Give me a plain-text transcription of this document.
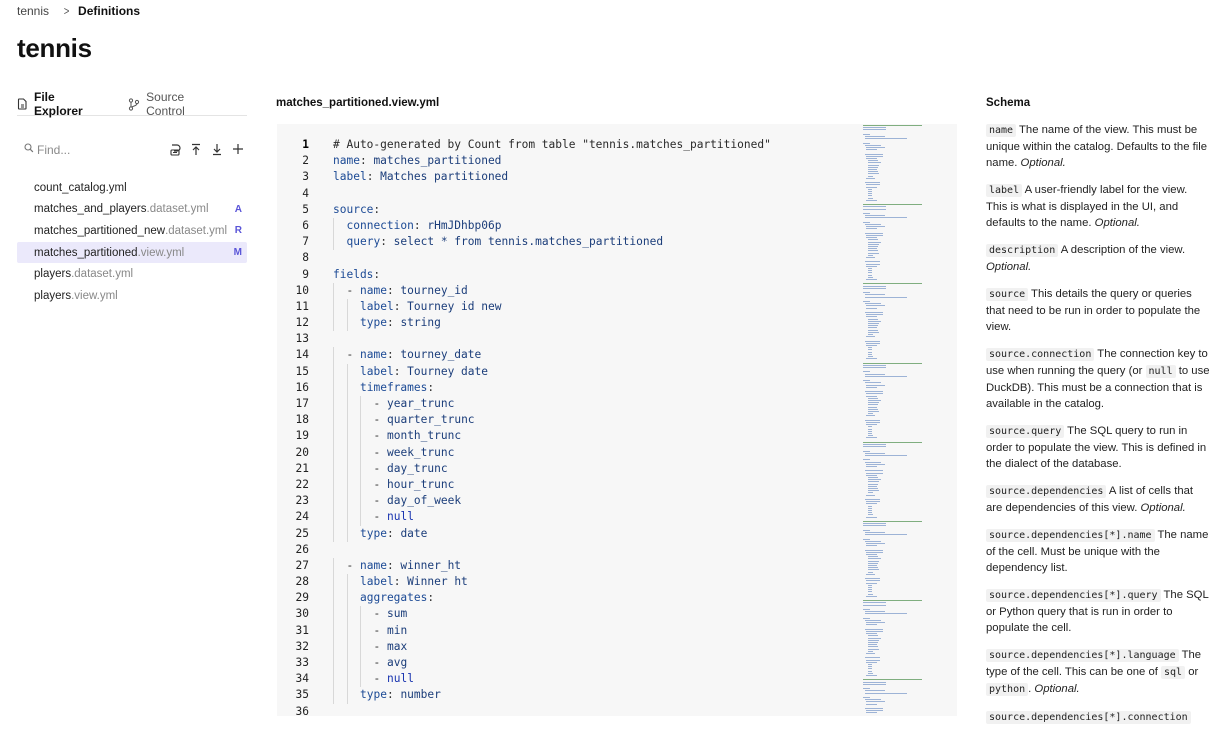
tennis > Definitions
tennis
File Explorer
Source Control
Find...
count_catalog.yml
matches_and_players .dataset.yml	A
matches_partitioned_new .dataset.yml R
matches_partitioned .view.yml	M
players .dataset.yml
players .view.yml
matches_partitioned.view.yml
1 # Auto-generated by Count from table "tennis.matches_partitioned"
2 name: matches_partitioned
3 label: Matches partitioned
4
5 source:
6	connection: rHmJDhbp06p
7	query: select * from tennis.matches_partitioned
8
9 fields:
10	- name: tourney_id
11	label: Tourney id new
12	type: string
13
14	- name: tourney_date
15	label: Tourney date
16	timeframes:
17	- year_trunc
18	- quarter_trunc
19	- month_trunc
20	- week_trunc
21	- day_trunc
22	- hour_trunc
23	- day_of_week
24	- null
25	type: date
26
27	- name: winner_ht
28	label: Winner ht
29	aggregates:
30	- sum
31	- min
32	- max
33	- avg
34	- null
35	type: number
36
Schema
name The name of the view. This must be unique within the catalog. Defaults to the file name. Optional.
label A user-friendly label for the view. This is what is displayed in the UI, and defaults to the name. Optional.
description A description of the view. Optional.
source This details the query or queries that need to be run in order to populate the view.
source.connection The connection key to use when running the query (or null to use DuckDB). This must be a connection that is available in the catalog.
source.query The SQL query to run in order to populate the view. This is defined in the dialect of the database.
source.dependencies A list of cells that are dependencies of this view. Optional.
source.dependencies[*].name The name of the cell. Must be unique with the dependency list.
source.dependencies[*].query The SQL or Python query that is run in order to populate the cell.
source.dependencies[*].language The type of the cell. This can be one of sql or python . Optional.
source.dependencies[*].connection
